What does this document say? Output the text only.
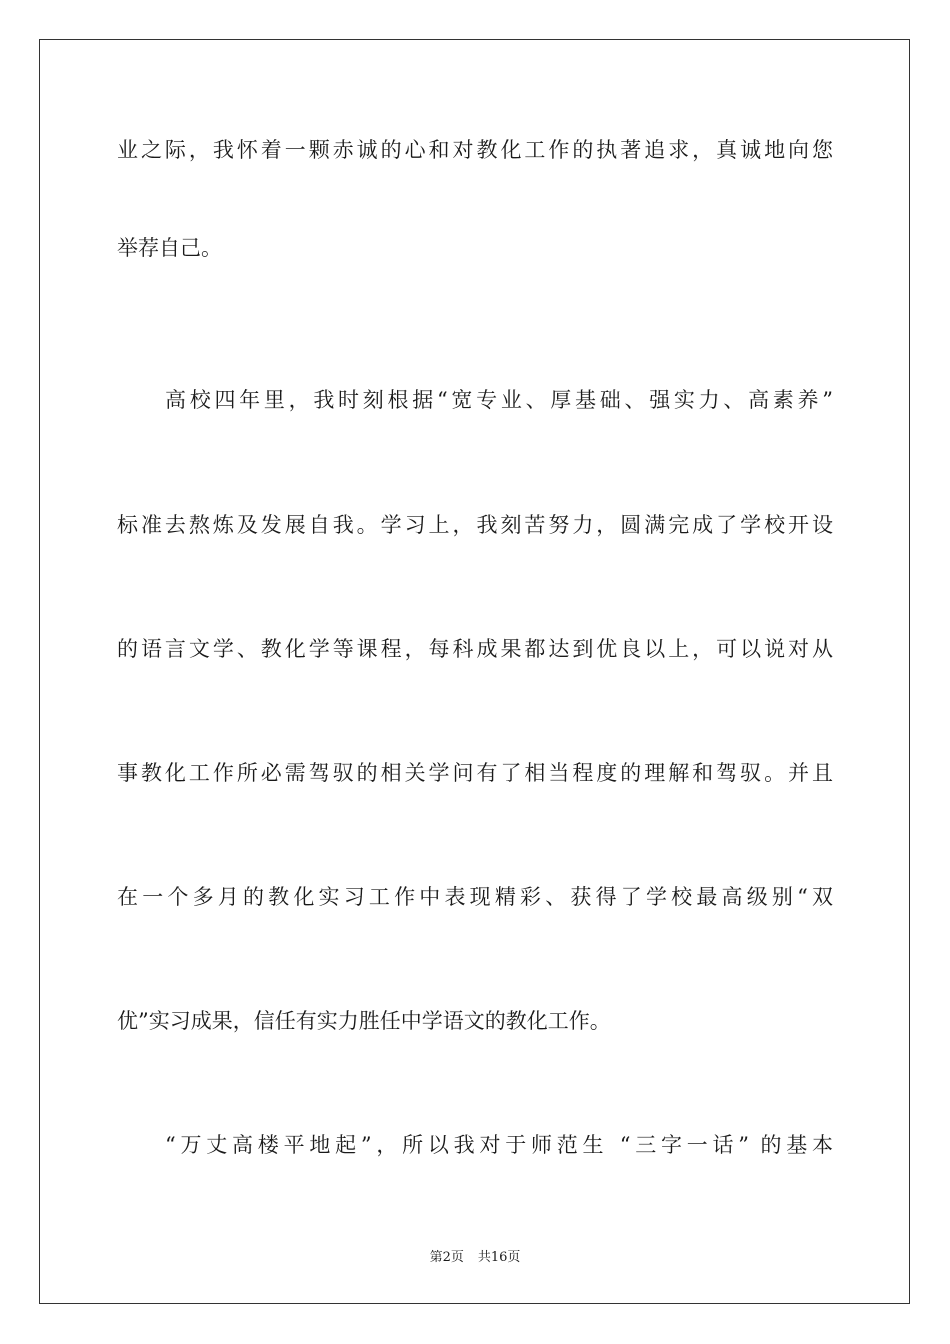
业之际，我怀着一颗赤诚的心和对教化工作的执著追求，真诚地向您
举荐自己。
高校四年里，我时刻根据“宽专业、厚基础、强实力、高素养”
标准去熬炼及发展自我。学习上，我刻苦努力，圆满完成了学校开设
的语言文学、教化学等课程，每科成果都达到优良以上，可以说对从
事教化工作所必需驾驭的相关学问有了相当程度的理解和驾驭。并且
在一个多月的教化实习工作中表现精彩、获得了学校最高级别“双
优”实习成果，信任有实力胜任中学语文的教化工作。
“万丈高楼平地起”，所以我对于师范生 “三字一话” 的基本
第2页 共16页
